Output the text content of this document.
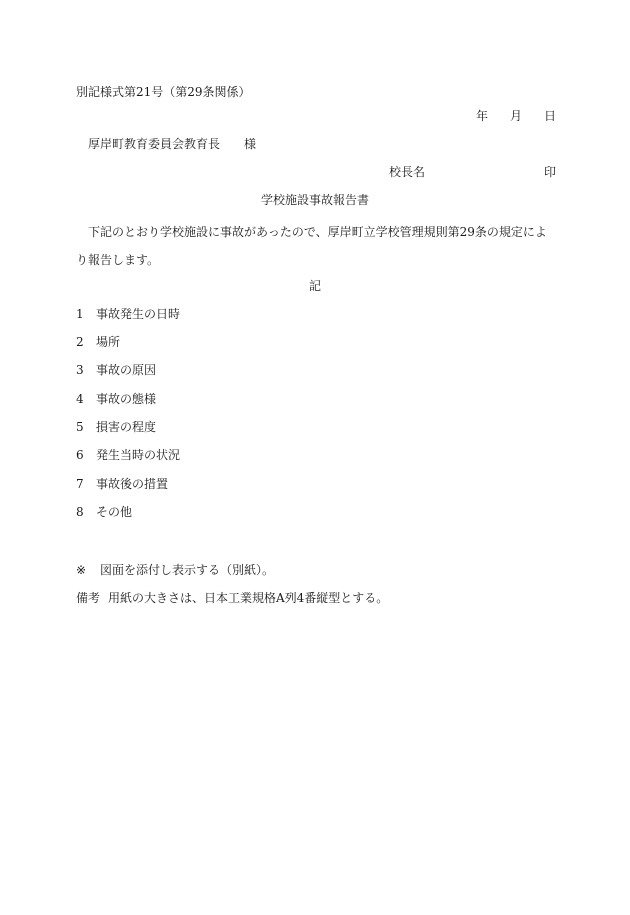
別記様式第21号（第29条関係）
年 月 日
厚岸町教育委員会教育長 様
校長名	印
学校施設事故報告書
下記のとおり学校施設に事故があったので、厚岸町立学校管理規則第29条の規定により報告します。
記
1 事故発生の日時
2 場所
3 事故の原因
4 事故の態様
5 損害の程度
6 発生当時の状況
7 事故後の措置
8 その他
※ 図面を添付し表示する（別紙）。
備考 用紙の大きさは、日本工業規格A列4番縦型とする。
